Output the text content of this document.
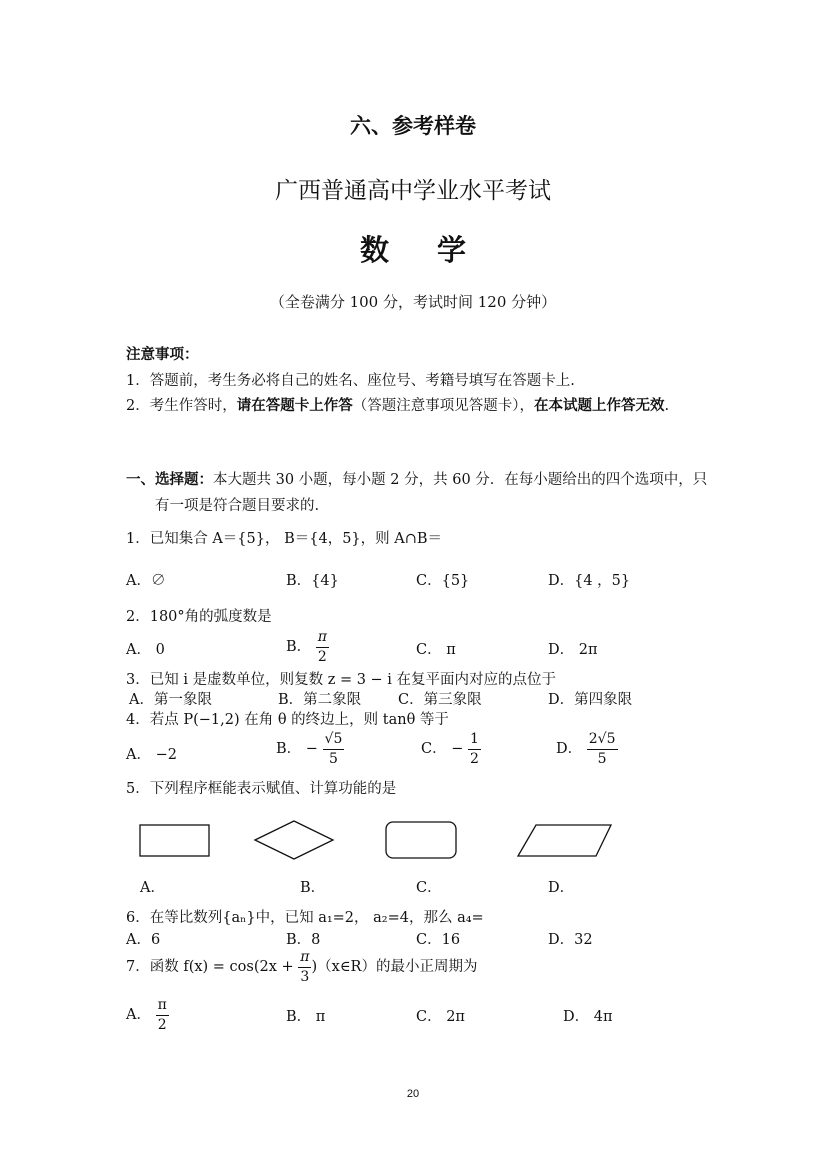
六、参考样卷
广西普通高中学业水平考试
数学
（全卷满分 100 分，考试时间 120 分钟）
注意事项：
1．答题前，考生务必将自己的姓名、座位号、考籍号填写在答题卡上.
2．考生作答时，请在答题卡上作答（答题注意事项见答题卡），在本试题上作答无效.
一、选择题：本大题共 30 小题，每小题 2 分，共 60 分．在每小题给出的四个选项中，只
有一项是符合题目要求的.
1．已知集合 A＝{5}， B＝{4，5}，则 A∩B＝
A．∅	B．{4}	C．{5}	D．{4 ，5}
2．180°角的弧度数是
A． 0	B． $\frac{\pi}{2}$	C． π	D． 2π
3．已知 i 是虚数单位，则复数 z = 3 − i 在复平面内对应的点位于
A．第一象限	B．第二象限	C．第三象限	D．第四象限
4．若点 P(−1,2) 在角 θ 的终边上，则 tanθ 等于
A． −2	B． − $\frac{√5}{5}$	C． − $\frac{1}{2}$	D． $\frac{2√5}{5}$
5．下列程序框能表示赋值、计算功能的是
A．	B．	C．	D．
6．在等比数列{aₙ}中，已知 a₁=2， a₂=4，那么 a₄=
A．6	B．8	C．16	D．32
7．函数 $f(x) = \cos(2x + \frac{\pi}{3}$ )（x∈R）的最小正周期为
A． $\frac{\pi}{2}$	B． π	C． 2π	D． 4π
20
